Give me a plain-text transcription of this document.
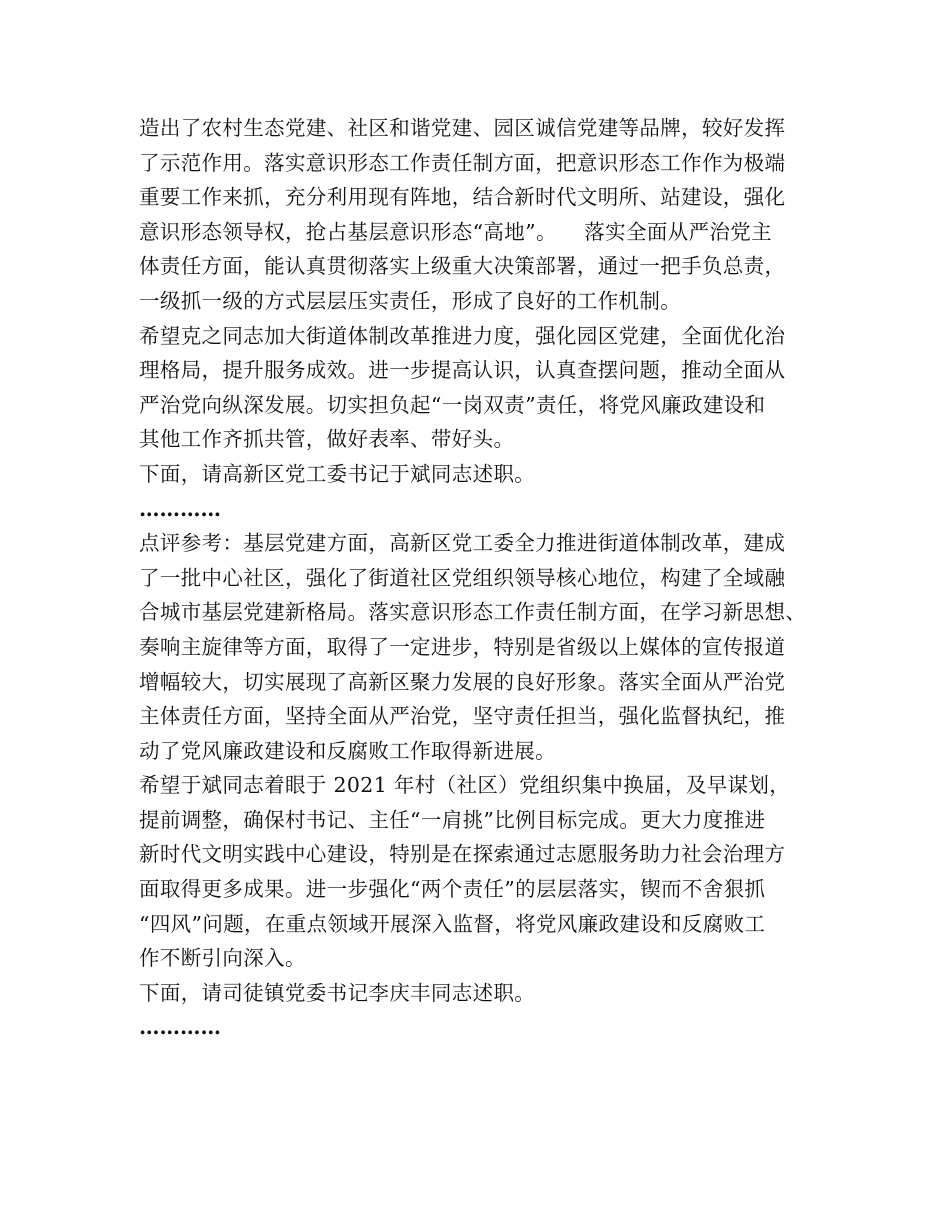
造出了农村生态党建、社区和谐党建、园区诚信党建等品牌，较好发挥
了示范作用。落实意识形态工作责任制方面，把意识形态工作作为极端
重要工作来抓，充分利用现有阵地，结合新时代文明所、站建设，强化
意识形态领导权，抢占基层意识形态“高地”。    落实全面从严治党主
体责任方面，能认真贯彻落实上级重大决策部署，通过一把手负总责，
一级抓一级的方式层层压实责任，形成了良好的工作机制。
希望克之同志加大街道体制改革推进力度，强化园区党建，全面优化治
理格局，提升服务成效。进一步提高认识，认真查摆问题，推动全面从
严治党向纵深发展。切实担负起“一岗双责”责任，将党风廉政建设和
其他工作齐抓共管，做好表率、带好头。
下面，请高新区党工委书记于斌同志述职。
…………
点评参考：基层党建方面，高新区党工委全力推进街道体制改革，建成
了一批中心社区，强化了街道社区党组织领导核心地位，构建了全域融
合城市基层党建新格局。落实意识形态工作责任制方面，在学习新思想、
奏响主旋律等方面，取得了一定进步，特别是省级以上媒体的宣传报道
增幅较大，切实展现了高新区聚力发展的良好形象。落实全面从严治党
主体责任方面，坚持全面从严治党，坚守责任担当，强化监督执纪，推
动了党风廉政建设和反腐败工作取得新进展。
希望于斌同志着眼于 2021 年村（社区）党组织集中换届，及早谋划，
提前调整，确保村书记、主任“一肩挑”比例目标完成。更大力度推进
新时代文明实践中心建设，特别是在探索通过志愿服务助力社会治理方
面取得更多成果。进一步强化“两个责任”的层层落实，锲而不舍狠抓
“四风”问题，在重点领域开展深入监督，将党风廉政建设和反腐败工
作不断引向深入。
下面，请司徒镇党委书记李庆丰同志述职。
…………
